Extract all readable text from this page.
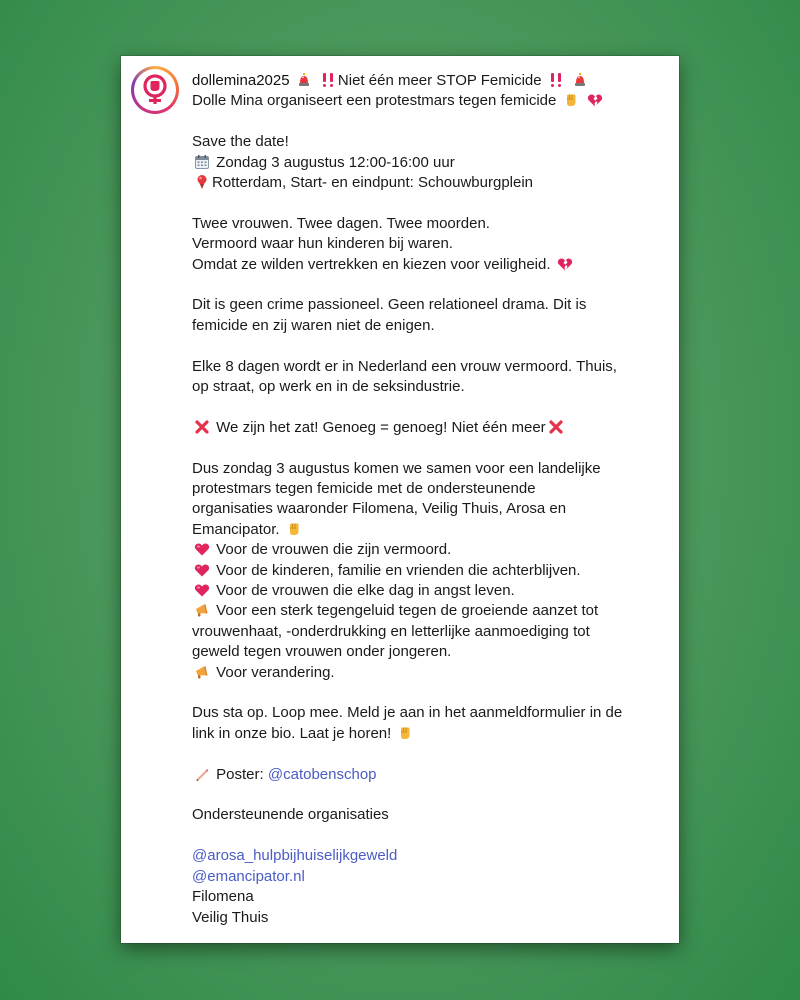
dollemina2025
	Niet één meer STOP Femicide

Dolle Mina organiseert een protestmars tegen femicide

Save the date!
Zondag 3 augustus 12:00-16:00 uur
Rotterdam, Start- en eindpunt: Schouwburgplein
Twee vrouwen. Twee dagen. Twee moorden.
Vermoord waar hun kinderen bij waren.
Omdat ze wilden vertrekken en kiezen voor veiligheid.
Dit is geen crime passioneel. Geen relationeel drama. Dit is
femicide en zij waren niet de enigen.
Elke 8 dagen wordt er in Nederland een vrouw vermoord. Thuis,
op straat, op werk en in de seksindustrie.
We zijn het zat! Genoeg = genoeg! Niet één meer
Dus zondag 3 augustus komen we samen voor een landelijke
protestmars tegen femicide met de ondersteunende
organisaties waaronder Filomena, Veilig Thuis, Arosa en
Emancipator.
Voor de vrouwen die zijn vermoord.
Voor de kinderen, familie en vrienden die achterblijven.
Voor de vrouwen die elke dag in angst leven.
Voor een sterk tegengeluid tegen de groeiende aanzet tot
vrouwenhaat, -onderdrukking en letterlijke aanmoediging tot
geweld tegen vrouwen onder jongeren.
Voor verandering.
Dus sta op. Loop mee. Meld je aan in het aanmeldformulier in de
link in onze bio. Laat je horen!
Poster: @catobenschop
Ondersteunende organisaties
@arosa_hulpbijhuiselijkgeweld
@emancipator.nl
Filomena
Veilig Thuis
